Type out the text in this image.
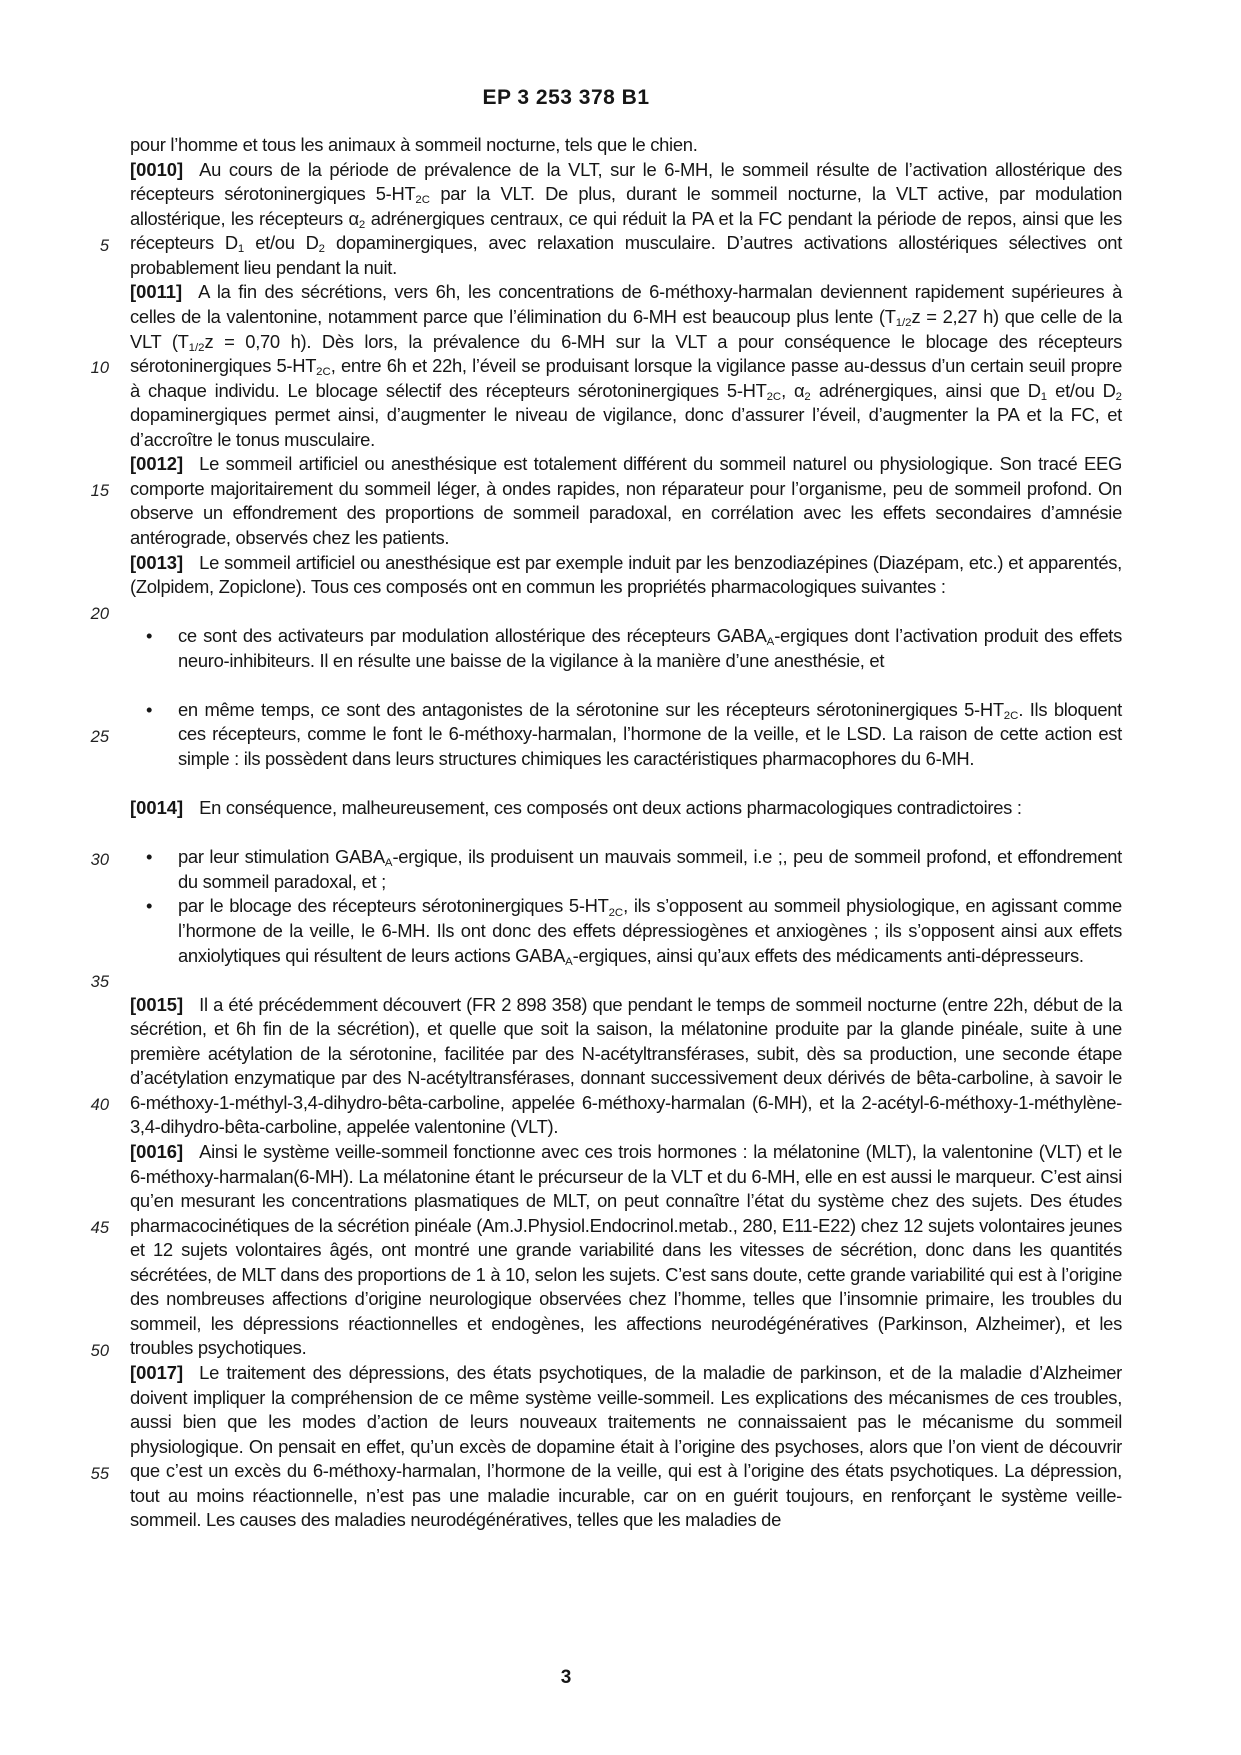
EP 3 253 378 B1
5
10
15
20
25
30
35
40
45
50
55
pour l’homme et tous les animaux à sommeil nocturne, tels que le chien.
[0010] Au cours de la période de prévalence de la VLT, sur le 6-MH, le sommeil résulte de l’activation allostérique des récepteurs sérotoninergiques $5-HT_{2C}$ par la VLT. De plus, durant le sommeil nocturne, la VLT active, par modulation allostérique, les récepteurs $\alpha_2$ adrénergiques centraux, ce qui réduit la PA et la FC pendant la période de repos, ainsi que les récepteurs $D_1$ et/ou $D_2$ dopaminergiques, avec relaxation musculaire. D’autres activations allostériques sélectives ont probablement lieu pendant la nuit.
[0011] A la fin des sécrétions, vers 6h, les concentrations de 6-méthoxy-harmalan deviennent rapidement supérieures à celles de la valentonine, notamment parce que l’élimination du 6-MH est beaucoup plus lente ($T_{1/2}z = 2,27$ h) que celle de la VLT ($T_{1/2}z = 0,70$ h). Dès lors, la prévalence du 6-MH sur la VLT a pour conséquence le blocage des récepteurs sérotoninergiques $5-HT_{2C}$, entre 6h et 22h, l’éveil se produisant lorsque la vigilance passe au-dessus d’un certain seuil propre à chaque individu. Le blocage sélectif des récepteurs sérotoninergiques $5-HT_{2C}$, $\alpha_2$ adrénergiques, ainsi que $D_1$ et/ou $D_2$ dopaminergiques permet ainsi, d’augmenter le niveau de vigilance, donc d’assurer l’éveil, d’augmenter la PA et la FC, et d’accroître le tonus musculaire.
[0012] Le sommeil artificiel ou anesthésique est totalement différent du sommeil naturel ou physiologique. Son tracé EEG comporte majoritairement du sommeil léger, à ondes rapides, non réparateur pour l’organisme, peu de sommeil profond. On observe un effondrement des proportions de sommeil paradoxal, en corrélation avec les effets secondaires d’amnésie antérograde, observés chez les patients.
[0013] Le sommeil artificiel ou anesthésique est par exemple induit par les benzodiazépines (Diazépam, etc.) et apparentés, (Zolpidem, Zopiclone). Tous ces composés ont en commun les propriétés pharmacologiques suivantes :
• ce sont des activateurs par modulation allostérique des récepteurs $GABA_A$-ergiques dont l’activation produit des effets neuro-inhibiteurs. Il en résulte une baisse de la vigilance à la manière d’une anesthésie, et
• en même temps, ce sont des antagonistes de la sérotonine sur les récepteurs sérotoninergiques $5-HT_{2C}$. Ils bloquent ces récepteurs, comme le font le 6-méthoxy-harmalan, l’hormone de la veille, et le LSD. La raison de cette action est simple : ils possèdent dans leurs structures chimiques les caractéristiques pharmacophores du 6-MH.
[0014] En conséquence, malheureusement, ces composés ont deux actions pharmacologiques contradictoires :
• par leur stimulation $GABA_A$-ergique, ils produisent un mauvais sommeil, i.e ;, peu de sommeil profond, et effondrement du sommeil paradoxal, et ;
• par le blocage des récepteurs sérotoninergiques $5-HT_{2C}$, ils s’opposent au sommeil physiologique, en agissant comme l’hormone de la veille, le 6-MH. Ils ont donc des effets dépressiogènes et anxiogènes ; ils s’opposent ainsi aux effets anxiolytiques qui résultent de leurs actions $GABA_A$-ergiques, ainsi qu’aux effets des médicaments anti-dépresseurs.
[0015] Il a été précédemment découvert (FR 2 898 358) que pendant le temps de sommeil nocturne (entre 22h, début de la sécrétion, et 6h fin de la sécrétion), et quelle que soit la saison, la mélatonine produite par la glande pinéale, suite à une première acétylation de la sérotonine, facilitée par des N-acétyltransférases, subit, dès sa production, une seconde étape d’acétylation enzymatique par des N-acétyltransférases, donnant successivement deux dérivés de bêta-carboline, à savoir le 6-méthoxy-1-méthyl-3,4-dihydro-bêta-carboline, appelée 6-méthoxy-harmalan (6-MH), et la 2-acétyl-6-méthoxy-1-méthylène-3,4-dihydro-bêta-carboline, appelée valentonine (VLT).
[0016] Ainsi le système veille-sommeil fonctionne avec ces trois hormones : la mélatonine (MLT), la valentonine (VLT) et le 6-méthoxy-harmalan(6-MH). La mélatonine étant le précurseur de la VLT et du 6-MH, elle en est aussi le marqueur. C’est ainsi qu’en mesurant les concentrations plasmatiques de MLT, on peut connaître l’état du système chez des sujets. Des études pharmacocinétiques de la sécrétion pinéale (Am.J.Physiol.Endocrinol.metab., 280, E11-E22) chez 12 sujets volontaires jeunes et 12 sujets volontaires âgés, ont montré une grande variabilité dans les vitesses de sécrétion, donc dans les quantités sécrétées, de MLT dans des proportions de 1 à 10, selon les sujets. C’est sans doute, cette grande variabilité qui est à l’origine des nombreuses affections d’origine neurologique observées chez l’homme, telles que l’insomnie primaire, les troubles du sommeil, les dépressions réactionnelles et endogènes, les affections neurodégénératives (Parkinson, Alzheimer), et les troubles psychotiques.
[0017] Le traitement des dépressions, des états psychotiques, de la maladie de parkinson, et de la maladie d’Alzheimer doivent impliquer la compréhension de ce même système veille-sommeil. Les explications des mécanismes de ces troubles, aussi bien que les modes d’action de leurs nouveaux traitements ne connaissaient pas le mécanisme du sommeil physiologique. On pensait en effet, qu’un excès de dopamine était à l’origine des psychoses, alors que l’on vient de découvrir que c’est un excès du 6-méthoxy-harmalan, l’hormone de la veille, qui est à l’origine des états psychotiques. La dépression, tout au moins réactionnelle, n’est pas une maladie incurable, car on en guérit toujours, en renforçant le système veille-sommeil. Les causes des maladies neurodégénératives, telles que les maladies de
3
